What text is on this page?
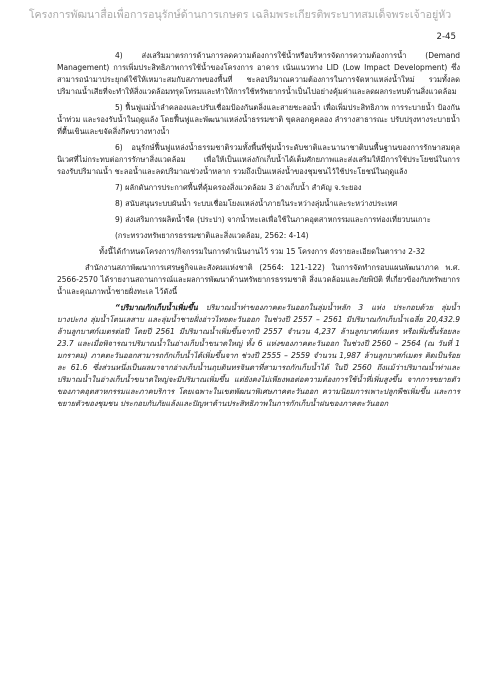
โครงการพัฒนาสื่อเพื่อการอนุรักษ์ด้านการเกษตร เฉลิมพระเกียรติพระบาทสมเด็จพระเจ้าอยู่หัว
2-45

4) ส่งเสริมมาตรการด้านการลดความต้องการใช้น้ำหรือบริหารจัดการความต้องการน้ำ (Demand Management) การเพิ่มประสิทธิภาพการใช้น้ำของโครงการ อาคาร เน้นแนวทาง LID (Low Impact Development) ซึ่งสามารถนำมาประยุกต์ใช้ให้เหมาะสมกับสภาพของพื้นที่ ชะลอปริมาณความต้องการในการจัดหาแหล่งน้ำใหม่ รวมทั้งลดปริมาณน้ำเสียที่จะทำให้สิ่งแวดล้อมทรุดโทรมและทำให้การใช้ทรัพยากรน้ำเป็นไปอย่างคุ้มค่าและลดผลกระทบด้านสิ่งแวดล้อม

5) ฟื้นฟูแม่น้ำลำคลองและปรับเชื่อมป้องกันตลิ่งและสายชะลอน้ำ เพื่อเพิ่มประสิทธิภาพ การระบายน้ำ ป้องกันน้ำท่วม และรองรับน้ำในฤดูแล้ง โดยฟื้นฟูและพัฒนาแหล่งน้ำธรรมชาติ ขุดลอกคูคลอง ลำรางสาธารณะ ปรับปรุงทางระบายน้ำที่ตื้นเขินและขจัดสิ่งกีดขวางทางน้ำ

6) อนุรักษ์ฟื้นฟูแหล่งน้ำธรรมชาติรวมทั้งพื้นที่ชุ่มน้ำระดับชาติและนานาชาติบนพื้นฐานของการรักษาสมดุลนิเวศที่ไม่กระทบต่อการรักษาสิ่งแวดล้อม เพื่อให้เป็นแหล่งกักเก็บน้ำได้เต็มศักยภาพและส่งเสริมให้มีการใช้ประโยชน์ในการรองรับปริมาณน้ำ ชะลอน้ำและลดปริมาณช่วงน้ำหลาก รวมถึงเป็นแหล่งน้ำของชุมชนไว้ใช้ประโยชน์ในฤดูแล้ง

7) ผลักดันการประกาศพื้นที่คุ้มครองสิ่งแวดล้อม 3 อ่างเก็บน้ำ สำคัญ จ.ระยอง

8) สนับสนุนระบบผันน้ำ ระบบเชื่อมโยงแหล่งน้ำภายในระหว่างลุ่มน้ำและระหว่างประเทศ

9) ส่งเสริมการผลิตน้ำจืด (ประปา) จากน้ำทะเลเพื่อใช้ในภาคอุตสาหกรรมและการท่องเที่ยวบนเกาะ

(กระทรวงทรัพยากรธรรมชาติและสิ่งแวดล้อม, 2562: 4-14)

ทั้งนี้ได้กำหนดโครงการ/กิจกรรมในการดำเนินงานไว้ รวม 15 โครงการ ดังรายละเอียดในตาราง 2-32

สำนักงานสภาพัฒนาการเศรษฐกิจและสังคมแห่งชาติ (2564: 121-122) ในการจัดทำกรอบแผนพัฒนาภาค พ.ศ. 2566-2570 ได้รายงานสถานการณ์และผลการพัฒนาด้านทรัพยากรธรรมชาติ สิ่งแวดล้อมและภัยพิบัติ ที่เกี่ยวข้องกับทรัพยากรน้ำและคุณภาพน้ำชายฝั่งทะเล ไว้ดังนี้

“ปริมาณกักเก็บน้ำเพิ่มขึ้น ปริมาณน้ำท่าของภาคตะวันออกในลุ่มน้ำหลัก 3 แห่ง ประกอบด้วย ลุ่มน้ำบางปะกง ลุ่มน้ำโตนเลสาบ และลุ่มน้ำชายฝั่งอ่าวไทยตะวันออก ในช่วงปี 2557 – 2561 มีปริมาณกักเก็บน้ำเฉลี่ย 20,432.9 ล้านลูกบาศก์เมตรต่อปี โดยปี 2561 มีปริมาณน้ำเพิ่มขึ้นจากปี 2557 จำนวน 4,237 ล้านลูกบาศก์เมตร หรือเพิ่มขึ้นร้อยละ 23.7 และเมื่อพิจารณาปริมาณน้ำในอ่างเก็บน้ำขนาดใหญ่ ทั้ง 6 แห่งของภาคตะวันออก ในช่วงปี 2560 – 2564 (ณ วันที่ 1 มกราคม) ภาคตะวันออกสามารถกักเก็บน้ำได้เพิ่มขึ้นจาก ช่วงปี 2555 – 2559 จำนวน 1,987 ล้านลูกบาศก์เมตร คิดเป็นร้อยละ 61.6 ซึ่งส่วนหนึ่งเป็นผลมาจากอ่างเก็บน้ำนฤบดินทรจินดาที่สามารถกักเก็บน้ำได้ ในปี 2560 ถึงแม้ว่าปริมาณน้ำท่าและปริมาณน้ำในอ่างเก็บน้ำขนาดใหญ่จะมีปริมาณเพิ่มขึ้น แต่ยังคงไม่เพียงพอต่อความต้องการใช้น้ำที่เพิ่มสูงขึ้น จากการขยายตัวของภาคอุตสาหกรรมและภาคบริการ โดยเฉพาะในเขตพัฒนาพิเศษภาคตะวันออก ความนิยมการเพาะปลูกพืชเพิ่มขึ้น และการขยายตัวของชุมชน ประกอบกับภัยแล้งและปัญหาด้านประสิทธิภาพในการกักเก็บน้ำฝนของภาคตะวันออก
